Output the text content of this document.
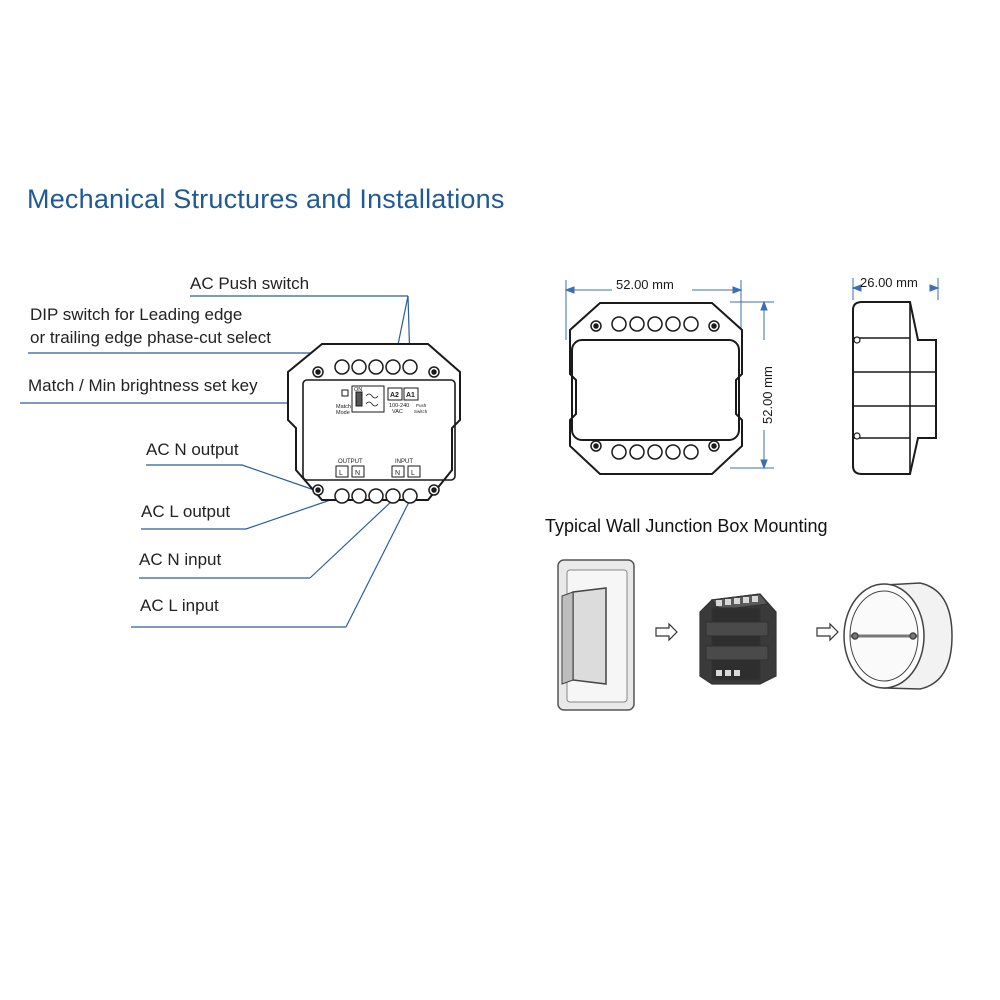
Mechanical Structures and Installations
AC Push switch
DIP switch for Leading edge
or trailing edge phase-cut select
Match / Min brightness set key
AC N output
AC L output
AC N input
AC L input
Typical Wall Junction Box Mounting
ON
Match
Mode
A2 A1
100-240
VAC
Push
Switch
OUTPUT
L N
INPUT
N L
52.00 mm	26.00 mm
52.00 mm
